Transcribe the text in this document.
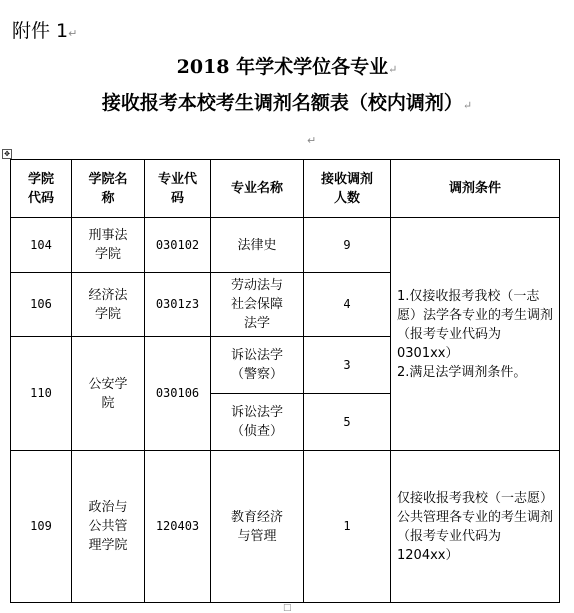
附件 1↵
2018 年学术学位各专业↵
接收报考本校考生调剂名额表（校内调剂）↵
↵
✥
学院
代码
学院名
称
专业代
码
专业名称
接收调剂
人数
调剂条件
104
刑事法
学院
030102	法律史	9
106
经济法
学院
0301z3
劳动法与
社会保障
法学
4
110
公安学
院
030106
诉讼法学
（警察）
3
诉讼法学
（侦查）
5
1.仅接收报考我校（一志愿）法学各专业的考生调剂（报考专业代码为 0301xx）
2.满足法学调剂条件。
109
政治与
公共管
理学院
120403
教育经济
与管理
1
仅接收报考我校（一志愿）公共管理各专业的考生调剂（报考专业代码为 1204xx）
□
